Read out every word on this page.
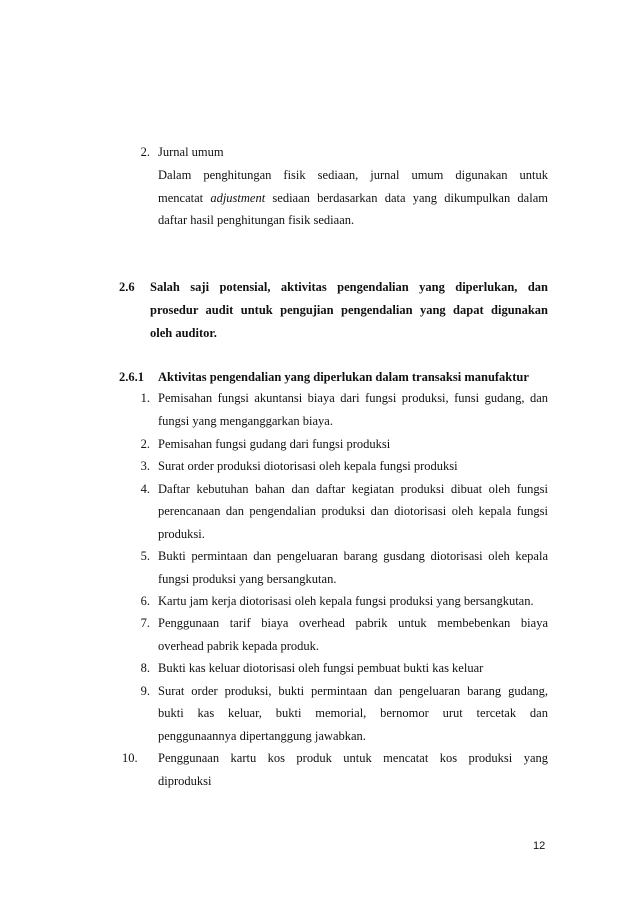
2. Jurnal umum
Dalam penghitungan fisik sediaan, jurnal umum digunakan untuk
mencatat adjustment sediaan berdasarkan data yang dikumpulkan dalam
daftar hasil penghitungan fisik sediaan.
2.6 Salah saji potensial, aktivitas pengendalian yang diperlukan, dan
prosedur audit untuk pengujian pengendalian yang dapat digunakan
oleh auditor.
2.6.1 Aktivitas pengendalian yang diperlukan dalam transaksi manufaktur
1. Pemisahan fungsi akuntansi biaya dari fungsi produksi, funsi gudang, dan
fungsi yang menganggarkan biaya.
2. Pemisahan fungsi gudang dari fungsi produksi
3. Surat order produksi diotorisasi oleh kepala fungsi produksi
4. Daftar kebutuhan bahan dan daftar kegiatan produksi dibuat oleh fungsi
perencanaan dan pengendalian produksi dan diotorisasi oleh kepala fungsi
produksi.
5. Bukti permintaan dan pengeluaran barang gusdang diotorisasi oleh kepala
fungsi produksi yang bersangkutan.
6. Kartu jam kerja diotorisasi oleh kepala fungsi produksi yang bersangkutan.
7. Penggunaan tarif biaya overhead pabrik untuk membebenkan biaya
overhead pabrik kepada produk.
8. Bukti kas keluar diotorisasi oleh fungsi pembuat bukti kas keluar
9. Surat order produksi, bukti permintaan dan pengeluaran barang gudang,
bukti kas keluar, bukti memorial, bernomor urut tercetak dan
penggunaannya dipertanggung jawabkan.
10.	Penggunaan kartu kos produk untuk mencatat kos produksi yang
diproduksi
12
